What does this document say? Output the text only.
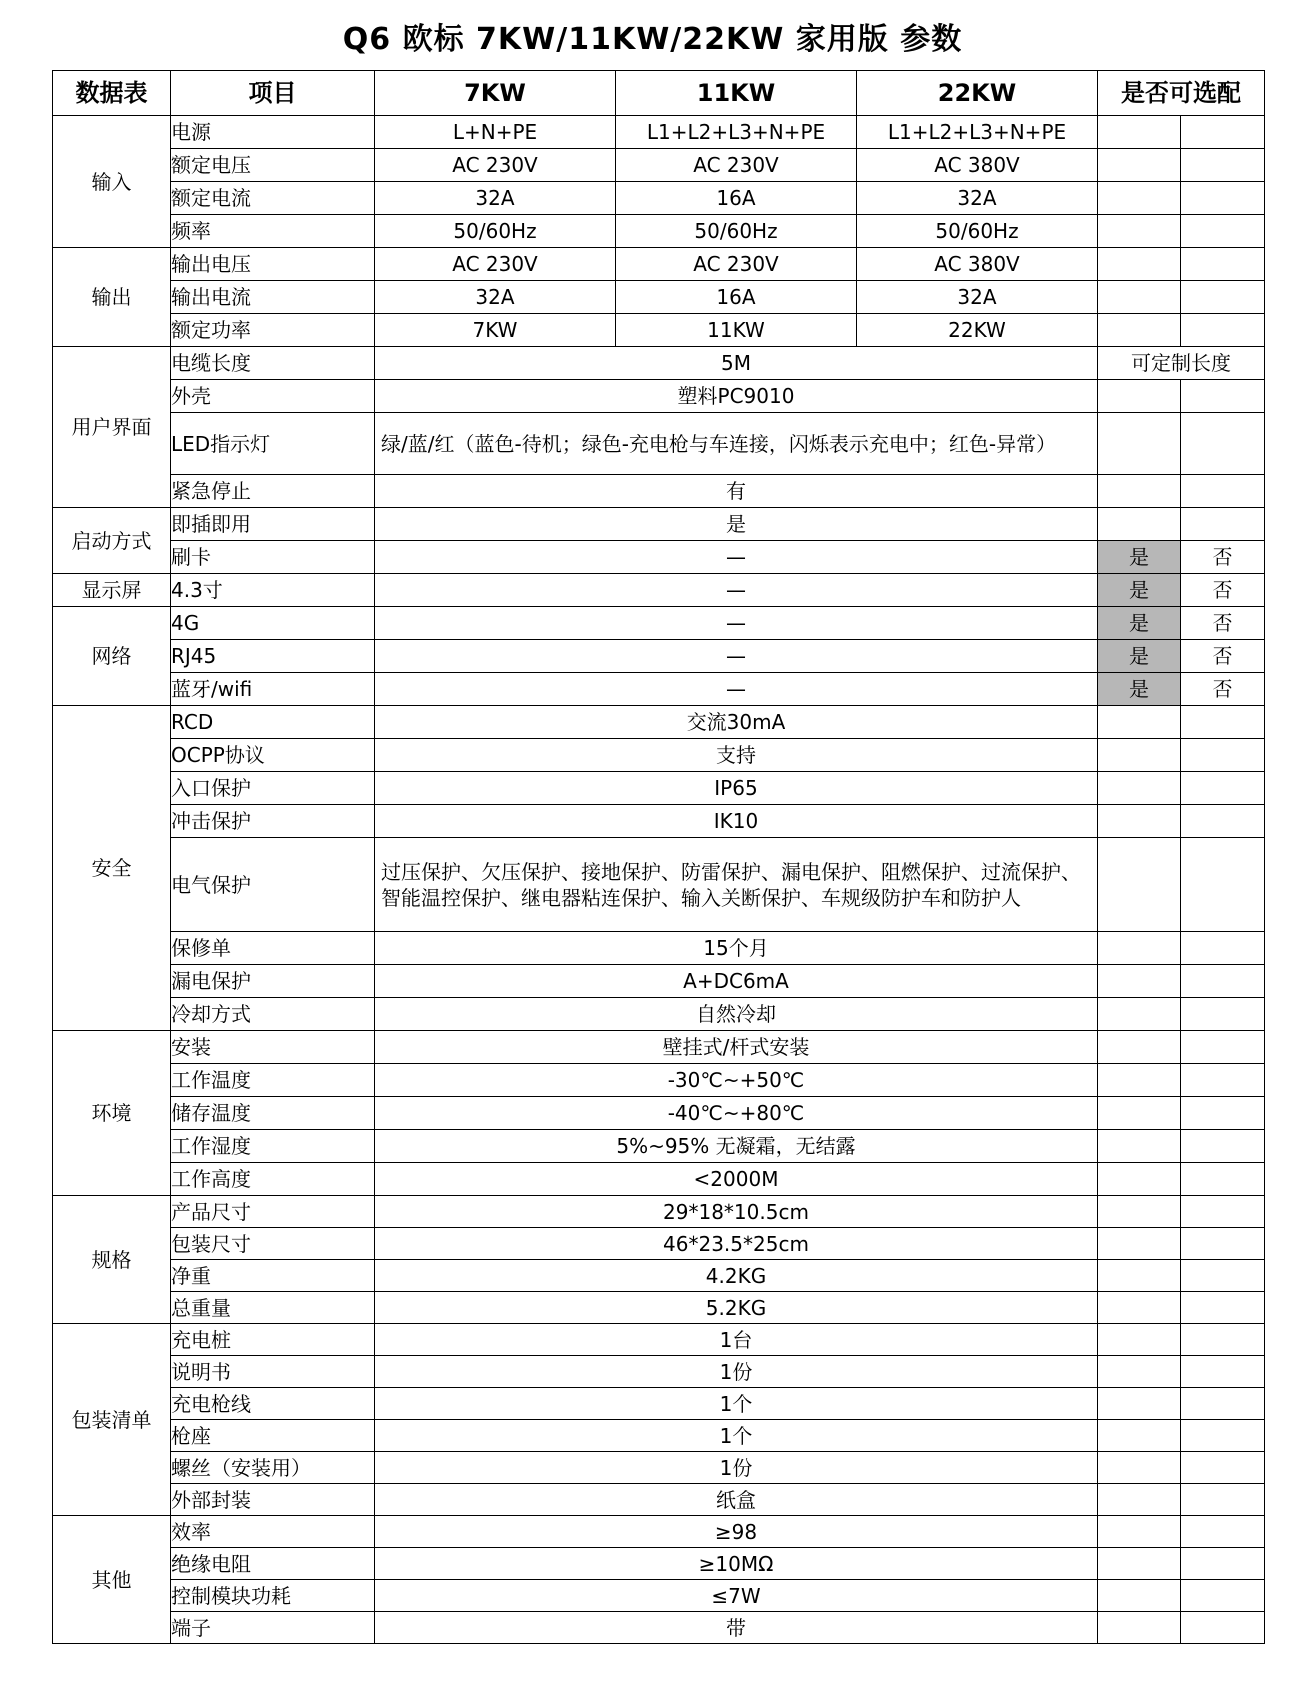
Q6 欧标 7KW/11KW/22KW 家用版 参数
数据表	项目	7KW	11KW	22KW	是否可选配	
输入	电源	L+N+PE	L1+L2+L3+N+PE	L1+L2+L3+N+PE		
	额定电压	AC 230V	AC 230V	AC 380V		
	额定电流	32A	16A	32A		
	频率	50/60Hz	50/60Hz	50/60Hz		
输出	输出电压	AC 230V	AC 230V	AC 380V		
	输出电流	32A	16A	32A		
	额定功率	7KW	11KW	22KW		
用户界面	电缆长度	5M			可定制长度	
	外壳	塑料PC9010				
	LED指示灯	绿/蓝/红（蓝色-待机；绿色-充电枪与车连接，闪烁表示充电中；红色-异常）				
	紧急停止	有				
启动方式	即插即用	是				
	刷卡	—			是	否
显示屏	4.3寸	—			是	否
网络	4G	—			是	否
	RJ45	—			是	否
	蓝牙/wifi	—			是	否
安全	RCD	交流30mA				
	OCPP协议	支持				
	入口保护	IP65				
	冲击保护	IK10				
	电气保护	过压保护、欠压保护、接地保护、防雷保护、漏电保护、阻燃保护、过流保护、智能温控保护、继电器粘连保护、输入关断保护、车规级防护车和防护人				
	保修单	15个月				
	漏电保护	A+DC6mA				
	冷却方式	自然冷却				
环境	安装	壁挂式/杆式安装				
	工作温度	-30℃~+50℃				
	储存温度	-40℃~+80℃				
	工作湿度	5%~95% 无凝霜，无结露				
	工作高度	<2000M				
规格	产品尺寸	29*18*10.5cm				
	包装尺寸	46*23.5*25cm				
	净重	4.2KG				
	总重量	5.2KG				
包装清单	充电桩	1台				
	说明书	1份				
	充电枪线	1个				
	枪座	1个				
	螺丝（安装用）	1份				
	外部封装	纸盒				
其他	效率	≥98				
	绝缘电阻	≥10MΩ				
	控制模块功耗	≤7W				
	端子	带				
